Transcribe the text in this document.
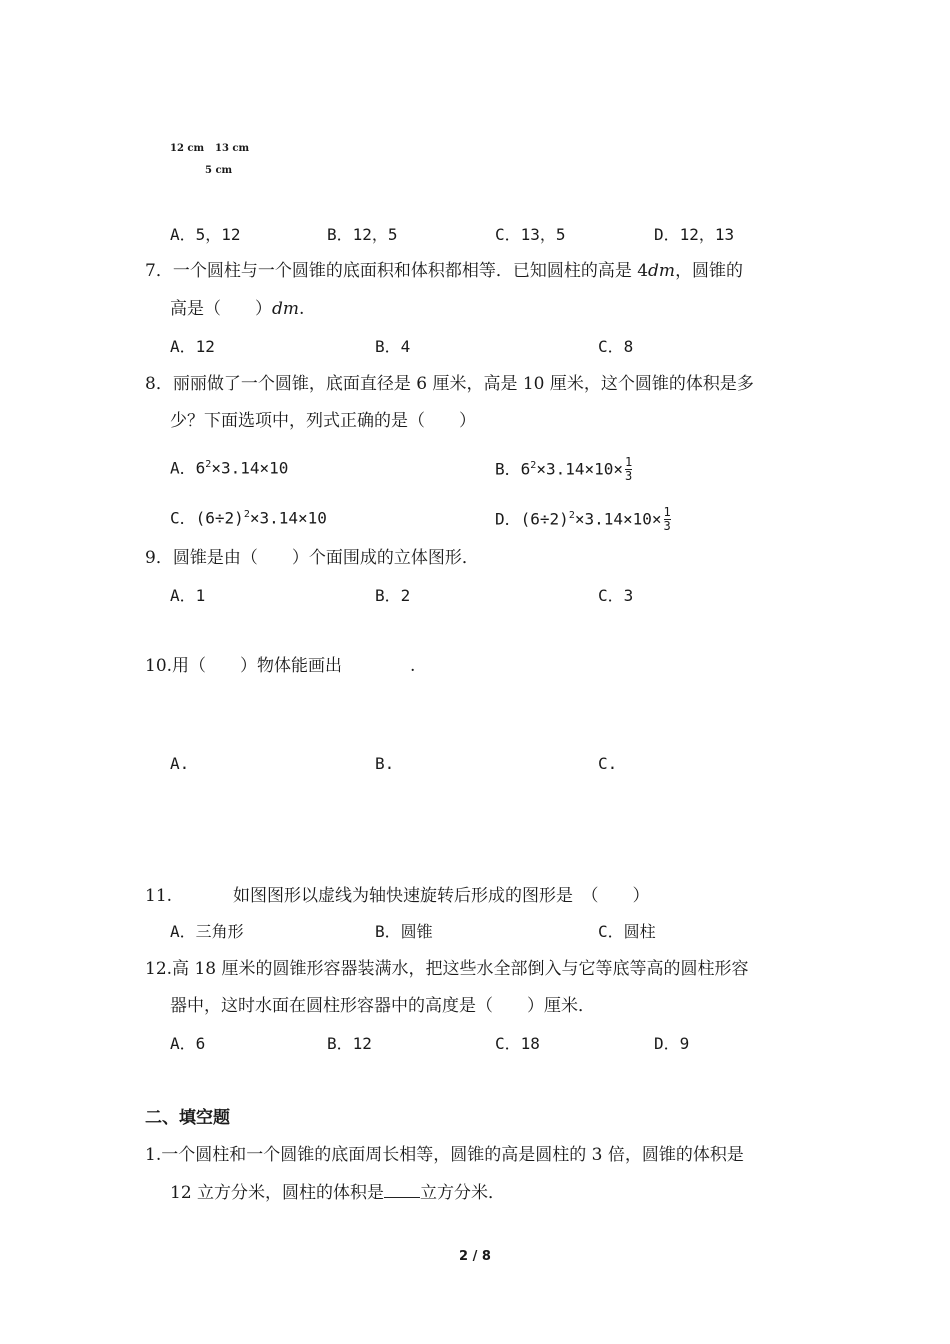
12 cm 13 cm
5 cm
A．5，12	B．12，5	C．13，5	D．12，13
7．一个圆柱与一个圆锥的底面积和体积都相等．已知圆柱的高是 4dm，圆锥的
高是（　　）dm.
A．12	B．4	C．8
8．丽丽做了一个圆锥，底面直径是 6 厘米，高是 10 厘米，这个圆锥的体积是多
少？下面选项中，列式正确的是（　　）
A．$6^2\times 3.14\times 10$	B．$6^2\times 3.14\times 10\times \frac{1}{3}$
C．$(6\div 2)^2\times 3.14\times 10$	D．$(6\div 2)^2\times 3.14\times 10\times \frac{1}{3}$
9．圆锥是由（　　）个面围成的立体图形．
A．1	B．2	C．3
10.用（　　）物体能画出	.
A.	B.	C.
11.	如图图形以虚线为轴快速旋转后形成的图形是　（　　）
A．三角形	B．圆锥	C．圆柱
12.高 18 厘米的圆锥形容器装满水，把这些水全部倒入与它等底等高的圆柱形容
器中，这时水面在圆柱形容器中的高度是（　　）厘米．
A．6	B．12	C．18	D．9
二、填空题
1.一个圆柱和一个圆锥的底面周长相等，圆锥的高是圆柱的 3 倍，圆锥的体积是
12 立方分米，圆柱的体积是 立方分米．
2 / 8
